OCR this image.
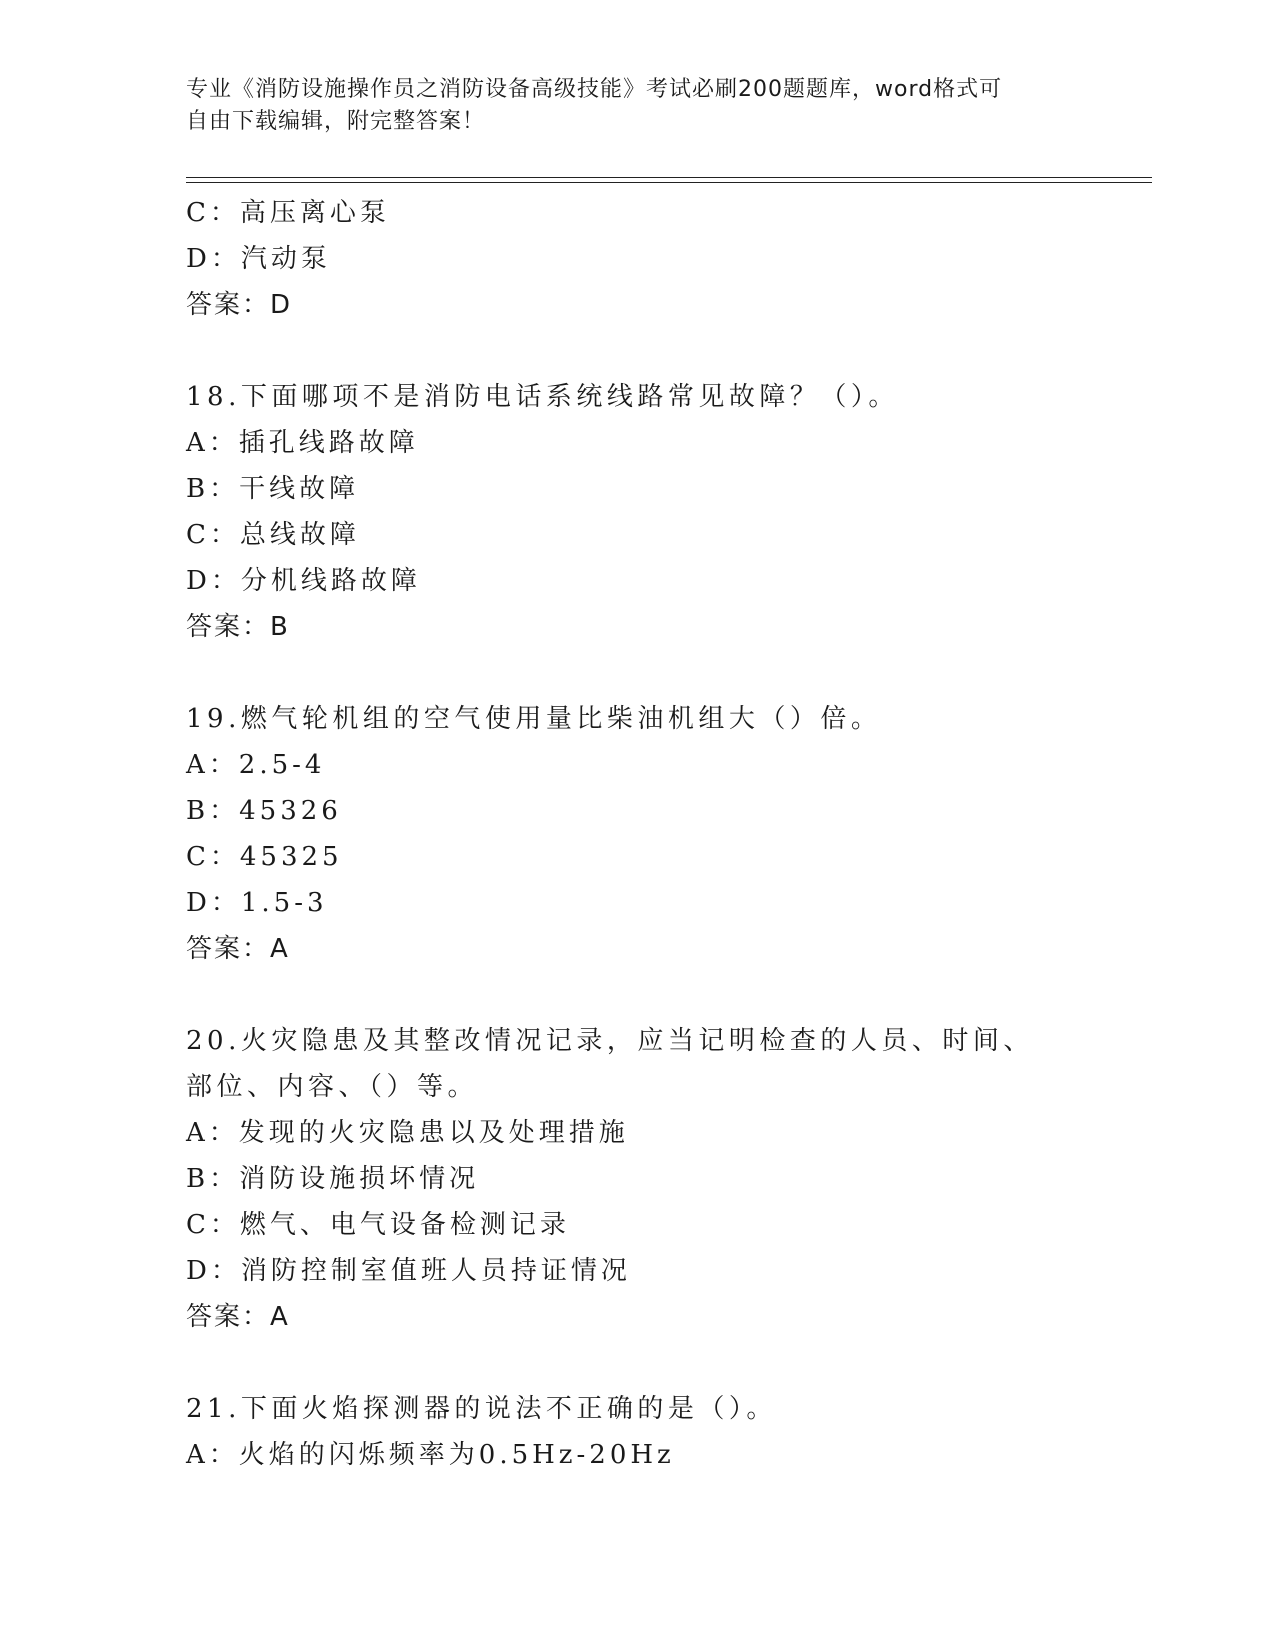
专业《消防设施操作员之消防设备高级技能》考试必刷200题题库，word格式可
自由下载编辑，附完整答案！
C：高压离心泵
D：汽动泵
答案：D
18.下面哪项不是消防电话系统线路常见故障？（）。
A：插孔线路故障
B：干线故障
C：总线故障
D：分机线路故障
答案：B
19.燃气轮机组的空气使用量比柴油机组大（）倍。
A：2.5-4
B：45326
C：45325
D：1.5-3
答案：A
20.火灾隐患及其整改情况记录，应当记明检查的人员、时间、部位、内容、（）等。
A：发现的火灾隐患以及处理措施
B：消防设施损坏情况
C：燃气、电气设备检测记录
D：消防控制室值班人员持证情况
答案：A
21.下面火焰探测器的说法不正确的是（）。
A：火焰的闪烁频率为0.5Hz-20Hz
